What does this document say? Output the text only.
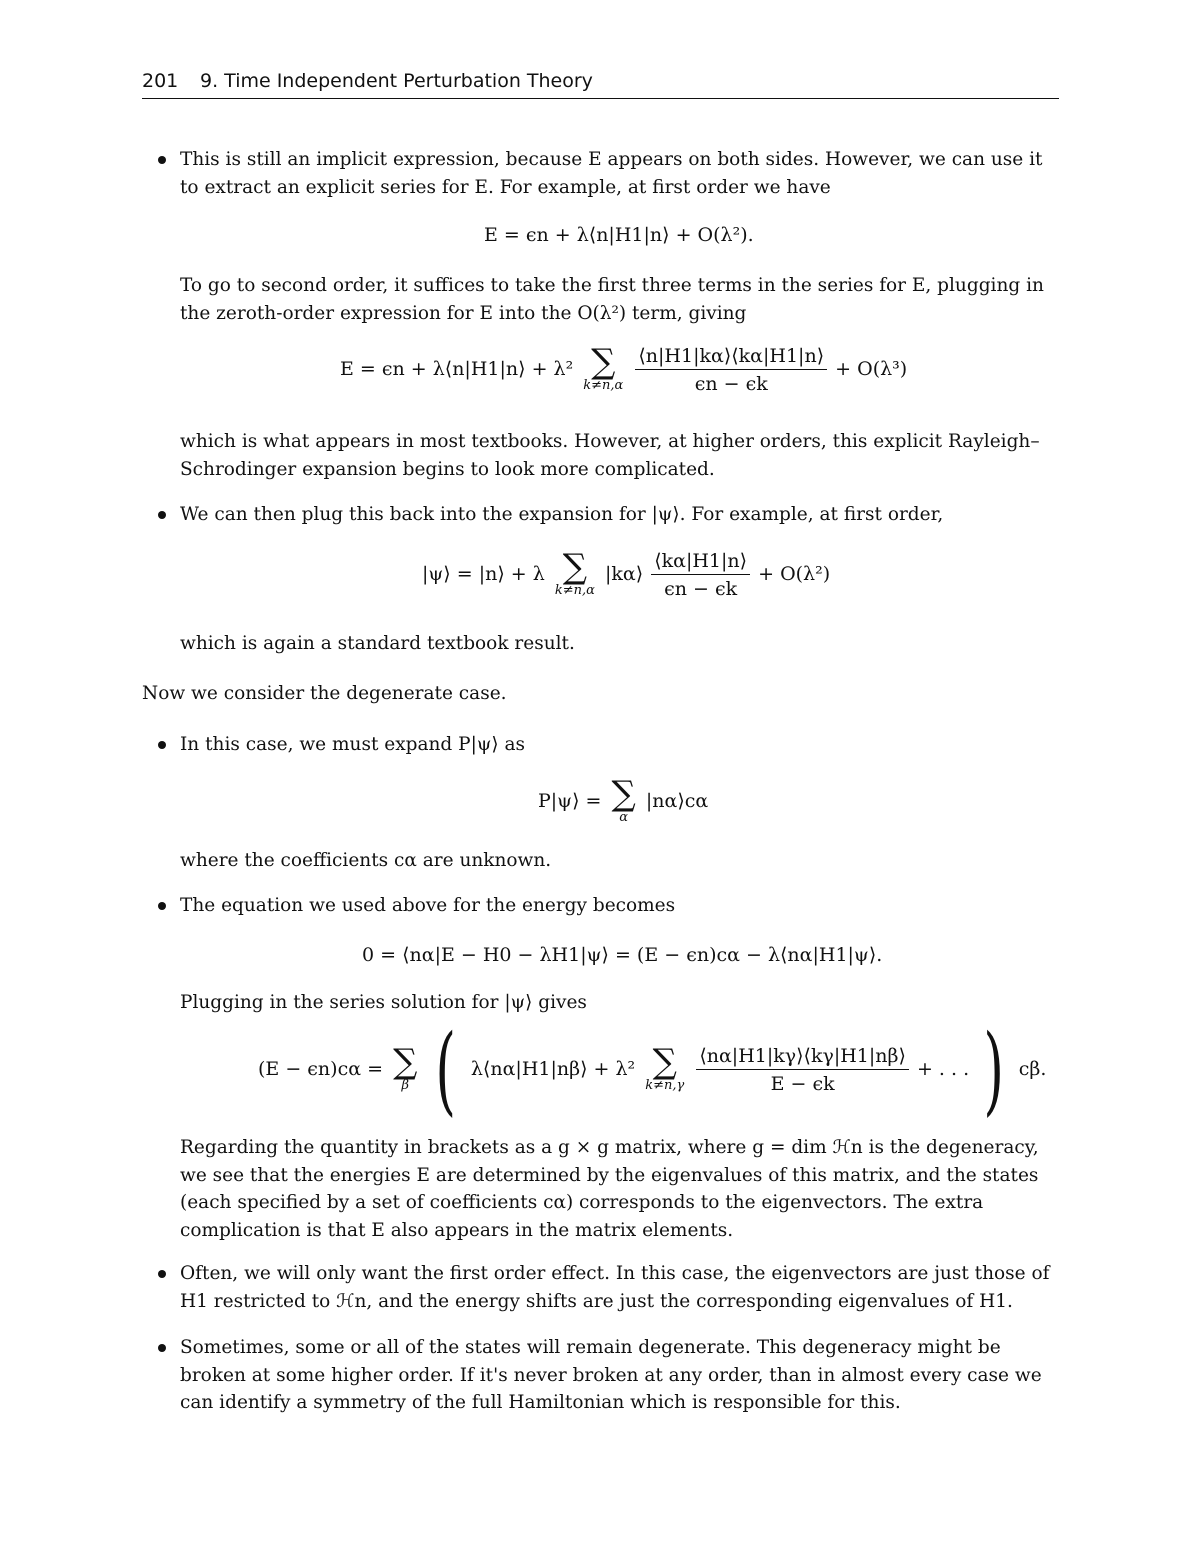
201 9. Time Independent Perturbation Theory
This is still an implicit expression, because E appears on both sides. However, we can use it to extract an explicit series for E. For example, at first order we have
E = ϵn + λ⟨n|H1|n⟩ + O(λ²).
To go to second order, it suffices to take the first three terms in the series for E, plugging in the zeroth-order expression for E into the O(λ²) term, giving
E = ϵn + λ⟨n|H1|n⟩ + λ² ∑
k≠n,α
$\frac{⟨n|H1|k\alpha⟩⟨k\alpha|H1|n⟩}{\epsilon n - \epsilon k} + O(\lambda^3)$
which is what appears in most textbooks. However, at higher orders, this explicit Rayleigh–Schrodinger expansion begins to look more complicated.
We can then plug this back into the expansion for |ψ⟩. For example, at first order,
|ψ⟩ = |n⟩ + λ ∑
k≠n,α
|kα⟩ $\frac{⟨k\alpha|H1|n⟩}{\epsilon n - \epsilon k} + O(\lambda^2)$
which is again a standard textbook result.
Now we consider the degenerate case.
In this case, we must expand P|ψ⟩ as
P|ψ⟩ = ∑
α
|nα⟩cα
where the coefficients cα are unknown.
The equation we used above for the energy becomes
0 = ⟨nα|E − H0 − λH1|ψ⟩ = (E − ϵn)cα − λ⟨nα|H1|ψ⟩.
Plugging in the series solution for |ψ⟩ gives
(E − ϵn)cα = ∑
β ( λ⟨nα|H1|nβ⟩ + λ² ∑
k≠n,γ
$\frac{⟨n\alpha|H1|k\gamma⟩⟨k\gamma|H1|n\beta⟩}{E - \epsilon k}$ + . . . ) cβ.
Regarding the quantity in brackets as a g × g matrix, where g = dim ℋn is the degeneracy, we see that the energies E are determined by the eigenvalues of this matrix, and the states (each specified by a set of coefficients cα) corresponds to the eigenvectors. The extra complication is that E also appears in the matrix elements.
Often, we will only want the first order effect. In this case, the eigenvectors are just those of H1 restricted to ℋn, and the energy shifts are just the corresponding eigenvalues of H1.
Sometimes, some or all of the states will remain degenerate. This degeneracy might be broken at some higher order. If it's never broken at any order, than in almost every case we can identify a symmetry of the full Hamiltonian which is responsible for this.
